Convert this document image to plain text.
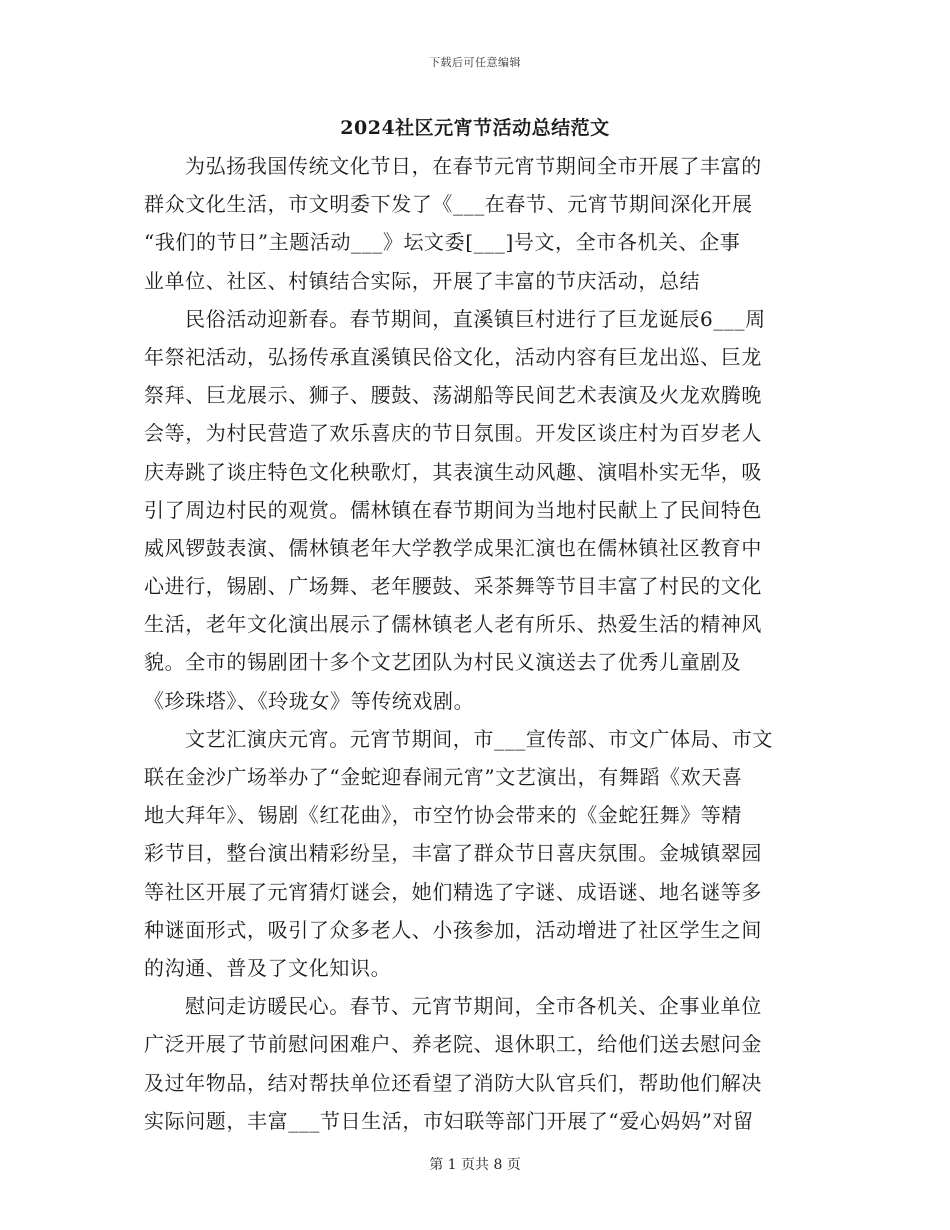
下载后可任意编辑
2024社区元宵节活动总结范文
为弘扬我国传统文化节日，在春节元宵节期间全市开展了丰富的
群众文化生活，市文明委下发了《___在春节、元宵节期间深化开展
“我们的节日”主题活动___》坛文委[___]号文，全市各机关、企事
业单位、社区、村镇结合实际，开展了丰富的节庆活动，总结
民俗活动迎新春。春节期间，直溪镇巨村进行了巨龙诞辰6___周
年祭祀活动，弘扬传承直溪镇民俗文化，活动内容有巨龙出巡、巨龙
祭拜、巨龙展示、狮子、腰鼓、荡湖船等民间艺术表演及火龙欢腾晚
会等，为村民营造了欢乐喜庆的节日氛围。开发区谈庄村为百岁老人
庆寿跳了谈庄特色文化秧歌灯，其表演生动风趣、演唱朴实无华，吸
引了周边村民的观赏。儒林镇在春节期间为当地村民献上了民间特色
威风锣鼓表演、儒林镇老年大学教学成果汇演也在儒林镇社区教育中
心进行，锡剧、广场舞、老年腰鼓、采茶舞等节目丰富了村民的文化
生活，老年文化演出展示了儒林镇老人老有所乐、热爱生活的精神风
貌。全市的锡剧团十多个文艺团队为村民义演送去了优秀儿童剧及
《珍珠塔》、《玲珑女》等传统戏剧。
文艺汇演庆元宵。元宵节期间，市___宣传部、市文广体局、市文
联在金沙广场举办了“金蛇迎春闹元宵”文艺演出，有舞蹈《欢天喜
地大拜年》、锡剧《红花曲》，市空竹协会带来的《金蛇狂舞》等精
彩节目，整台演出精彩纷呈，丰富了群众节日喜庆氛围。金城镇翠园
等社区开展了元宵猜灯谜会，她们精选了字谜、成语谜、地名谜等多
种谜面形式，吸引了众多老人、小孩参加，活动增进了社区学生之间
的沟通、普及了文化知识。
慰问走访暖民心。春节、元宵节期间，全市各机关、企事业单位
广泛开展了节前慰问困难户、养老院、退休职工，给他们送去慰问金
及过年物品，结对帮扶单位还看望了消防大队官兵们，帮助他们解决
实际问题，丰富___节日生活，市妇联等部门开展了“爱心妈妈”对留
第 1 页共 8 页
